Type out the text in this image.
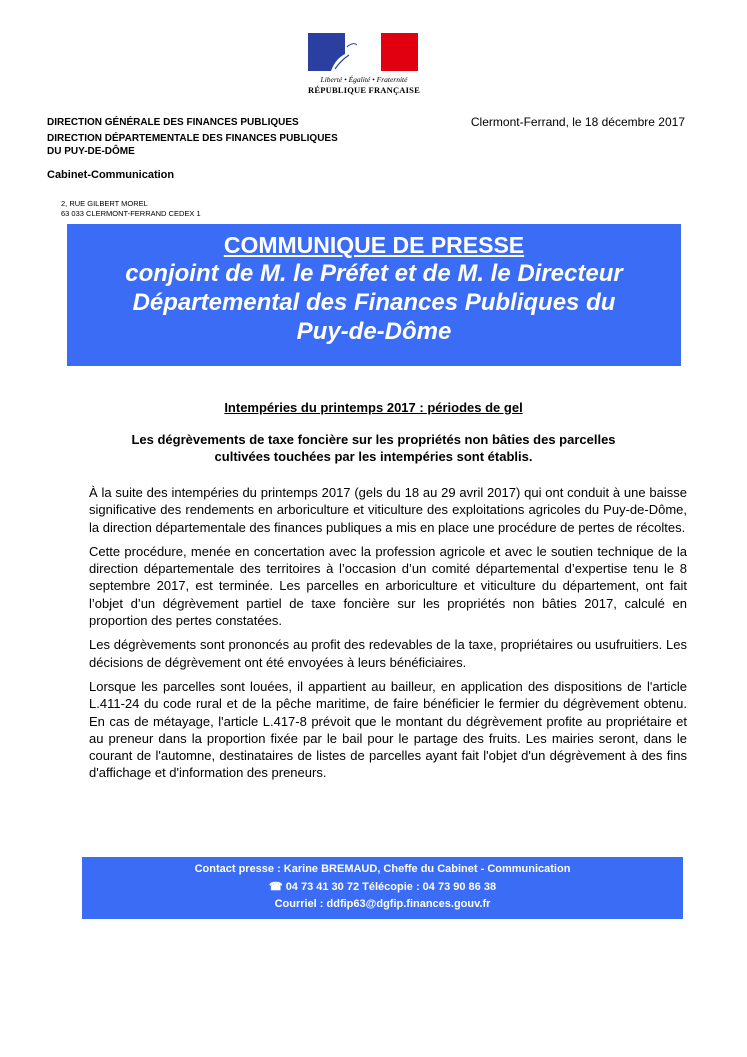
Liberté • Égalité • Fraternité
RÉPUBLIQUE FRANÇAISE
DIRECTION GÉNÉRALE DES FINANCES PUBLIQUES
DIRECTION DÉPARTEMENTALE DES FINANCES PUBLIQUES
DU PUY-DE-DÔME
Cabinet-Communication
Clermont-Ferrand, le 18 décembre 2017
2, RUE GILBERT MOREL
63 033 CLERMONT-FERRAND CEDEX 1
COMMUNIQUE DE PRESSE
conjoint de M. le Préfet et de M. le Directeur
Départemental des Finances Publiques du
Puy-de-Dôme
Intempéries du printemps 2017 : périodes de gel
Les dégrèvements de taxe foncière sur les propriétés non bâties des parcelles
cultivées touchées par les intempéries sont établis.

À la suite des intempéries du printemps 2017 (gels du 18 au 29 avril 2017) qui ont conduit à une baisse significative des rendements en arboriculture et viticulture des exploitations agricoles du Puy-de-Dôme, la direction départementale des finances publiques a mis en place une procédure de pertes de récoltes.

Cette procédure, menée en concertation avec la profession agricole et avec le soutien technique de la direction départementale des territoires à l’occasion d’un comité départemental d’expertise tenu le 8 septembre 2017, est terminée. Les parcelles en arboriculture et viticulture du département, ont fait l’objet d’un dégrèvement partiel de taxe foncière sur les propriétés non bâties 2017, calculé en proportion des pertes constatées.

Les dégrèvements sont prononcés au profit des redevables de la taxe, propriétaires ou usufruitiers. Les décisions de dégrèvement ont été envoyées à leurs bénéficiaires.

Lorsque les parcelles sont louées, il appartient au bailleur, en application des dispositions de l'article L.411-24 du code rural et de la pêche maritime, de faire bénéficier le fermier du dégrèvement obtenu. En cas de métayage, l'article L.417-8 prévoit que le montant du dégrèvement profite au propriétaire et au preneur dans la proportion fixée par le bail pour le partage des fruits. Les mairies seront, dans le courant de l'automne, destinataires de listes de parcelles ayant fait l'objet d'un dégrèvement à des fins d'affichage et d'information des preneurs.

Contact presse : Karine BREMAUD, Cheffe du Cabinet - Communication
☎ 04 73 41 30 72 Télécopie : 04 73 90 86 38
Courriel : ddfip63@dgfip.finances.gouv.fr
